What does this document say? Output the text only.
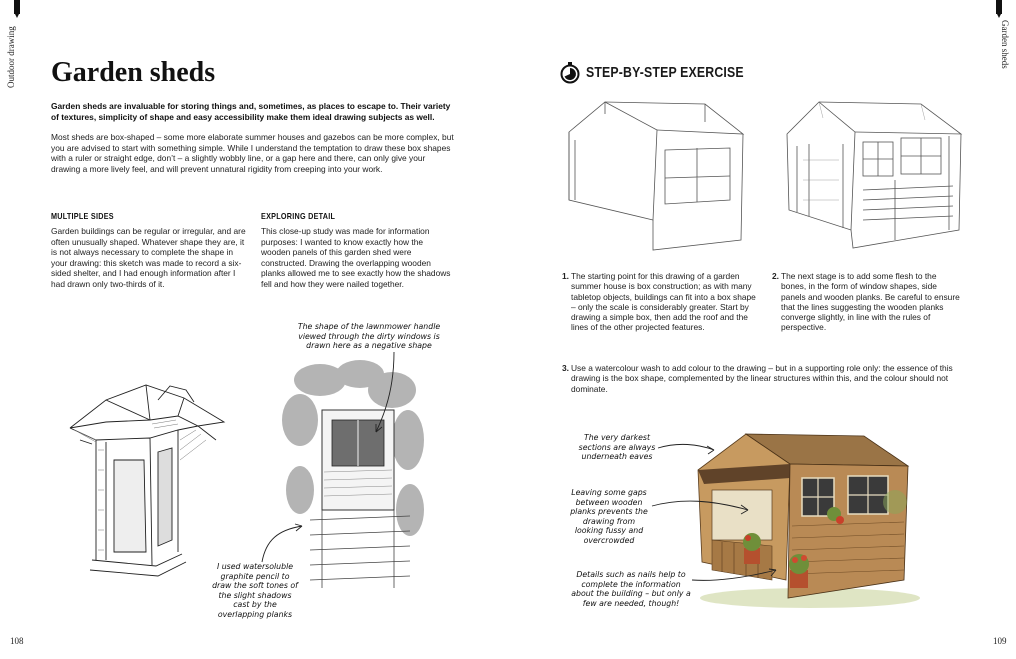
Outdoor drawing	Garden sheds
108	109
Garden sheds
Garden sheds are invaluable for storing things and, sometimes, as places to escape to. Their variety of textures, simplicity of shape and easy accessibility make them ideal drawing subjects as well.
Most sheds are box-shaped – some more elaborate summer houses and gazebos can be more complex, but you are advised to start with something simple. While I understand the temptation to draw these box shapes with a ruler or straight edge, don’t – a slightly wobbly line, or a gap here and there, can only give your drawing a more lively feel, and will prevent unnatural rigidity from creeping into your work.
MULTIPLE SIDES
Garden buildings can be regular or irregular, and are often unusually shaped. Whatever shape they are, it is not always necessary to complete the shape in your drawing: this sketch was made to record a six-sided shelter, and I had enough information after I had drawn only two-thirds of it.
EXPLORING DETAIL
This close-up study was made for information purposes: I wanted to know exactly how the wooden panels of this garden shed were constructed. Drawing the overlapping wooden planks allowed me to see exactly how the shadows fell and how they were nailed together.
The shape of the lawnmower handle viewed through the dirty windows is drawn here as a negative shape
I used watersoluble graphite pencil to draw the soft tones of the slight shadows cast by the overlapping planks
STEP-BY-STEP EXERCISE
1. The starting point for this drawing of a garden summer house is box construction; as with many tabletop objects, buildings can fit into a box shape – only the scale is considerably greater. Start by drawing a simple box, then add the roof and the lines of the other projected features.
2. The next stage is to add some flesh to the bones, in the form of window shapes, side panels and wooden planks. Be careful to ensure that the lines suggesting the wooden planks converge slightly, in line with the rules of perspective.
3. Use a watercolour wash to add colour to the drawing – but in a supporting role only: the essence of this drawing is the box shape, complemented by the linear structures within this, and the colour should not dominate.
The very darkest sections are always underneath eaves
Leaving some gaps between wooden planks prevents the drawing from looking fussy and overcrowded
Details such as nails help to complete the information about the building – but only a few are needed, though!
